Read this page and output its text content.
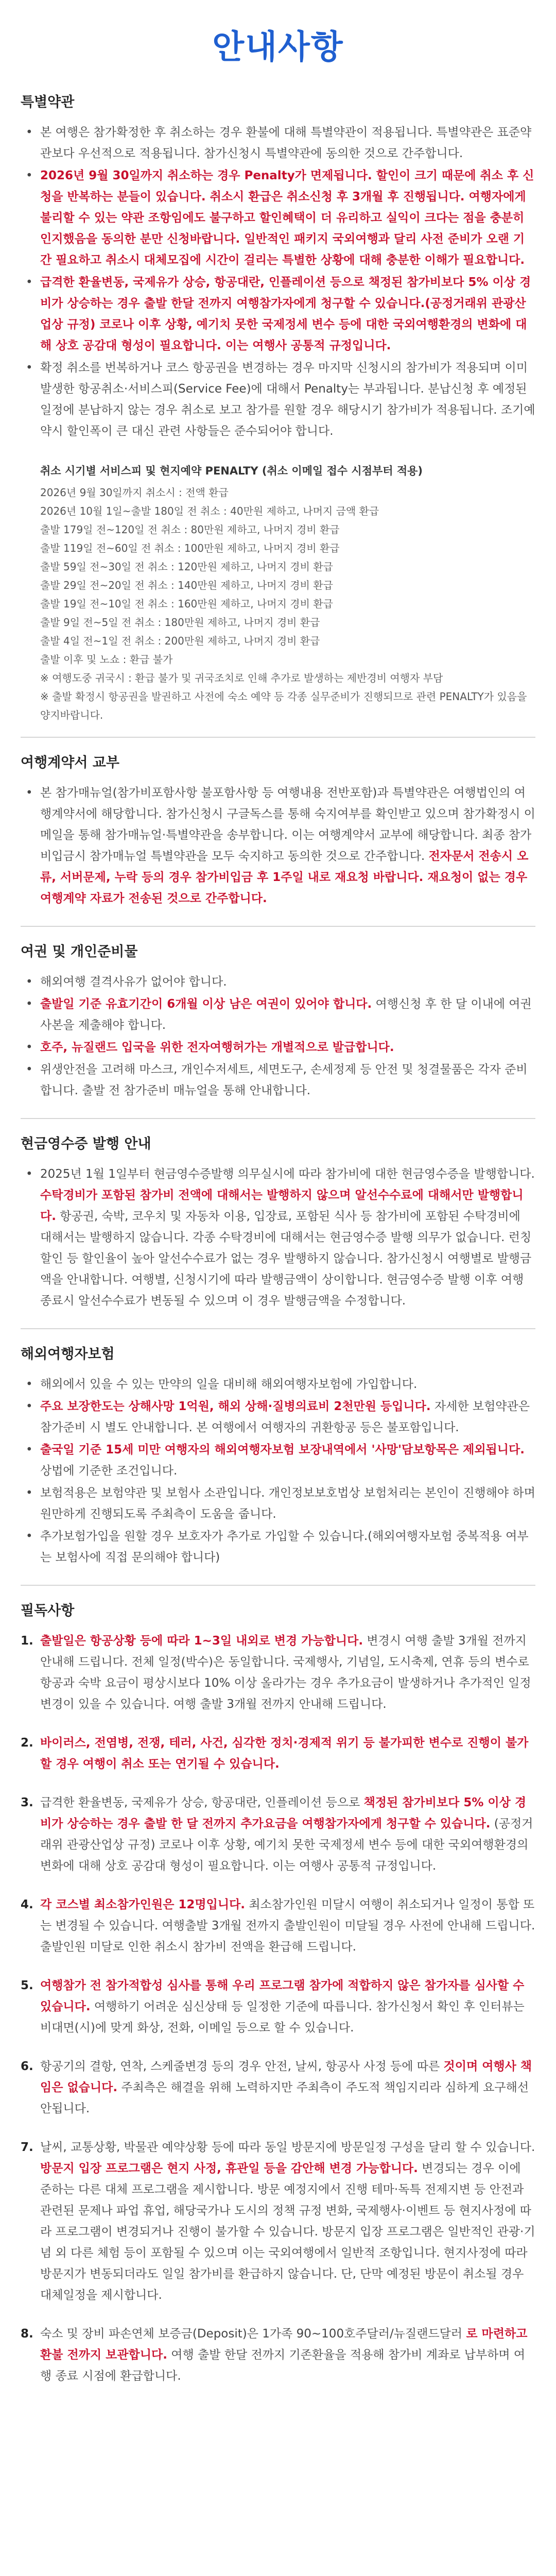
안내사항
특별약관
• 본 여행은 참가확정한 후 취소하는 경우 환불에 대해 특별약관이 적용됩니다. 특별약관은 표준약관보다 우선적으로 적용됩니다. 참가신청시 특별약관에 동의한 것으로 간주합니다.
• 2026년 9월 30일까지 취소하는 경우 Penalty가 면제됩니다. 할인이 크기 때문에 취소 후 신청을 반복하는 분들이 있습니다. 취소시 환급은 취소신청 후 3개월 후 진행됩니다. 여행자에게 불리할 수 있는 약관 조항임에도 불구하고 할인혜택이 더 유리하고 실익이 크다는 점을 충분히 인지했음을 동의한 분만 신청바랍니다. 일반적인 패키지 국외여행과 달리 사전 준비가 오랜 기간 필요하고 취소시 대체모집에 시간이 걸리는 특별한 상황에 대해 충분한 이해가 필요합니다.
• 급격한 환율변동, 국제유가 상승, 항공대란, 인플레이션 등으로 책정된 참가비보다 5% 이상 경비가 상승하는 경우 출발 한달 전까지 여행참가자에게 청구할 수 있습니다.(공정거래위 관광산업상 규정) 코로나 이후 상황, 예기치 못한 국제정세 변수 등에 대한 국외여행환경의 변화에 대해 상호 공감대 형성이 필요합니다. 이는 여행사 공통적 규정입니다.
• 확정 취소를 번복하거나 코스 항공권을 변경하는 경우 마지막 신청시의 참가비가 적용되며 이미 발생한 항공취소·서비스피(Service Fee)에 대해서 Penalty는 부과됩니다. 분납신청 후 예정된 일정에 분납하지 않는 경우 취소로 보고 참가를 원할 경우 해당시기 참가비가 적용됩니다. 조기예약시 할인폭이 큰 대신 관련 사항들은 준수되어야 합니다.
취소 시기별 서비스피 및 현지예약 PENALTY (취소 이메일 접수 시점부터 적용)

2026년 9월 30일까지 취소시 : 전액 환급

2026년 10월 1일~출발 180일 전 취소 : 40만원 제하고, 나머지 금액 환급

출발 179일 전~120일 전 취소 : 80만원 제하고, 나머지 경비 환급

출발 119일 전~60일 전 취소 : 100만원 제하고, 나머지 경비 환급

출발 59일 전~30일 전 취소 : 120만원 제하고, 나머지 경비 환급

출발 29일 전~20일 전 취소 : 140만원 제하고, 나머지 경비 환급

출발 19일 전~10일 전 취소 : 160만원 제하고, 나머지 경비 환급

출발 9일 전~5일 전 취소 : 180만원 제하고, 나머지 경비 환급

출발 4일 전~1일 전 취소 : 200만원 제하고, 나머지 경비 환급

출발 이후 및 노쇼 : 환급 불가

※ 여행도중 귀국시 : 환급 불가 및 귀국조치로 인해 추가로 발생하는 제반경비 여행자 부담

※ 출발 확정시 항공권을 발권하고 사전에 숙소 예약 등 각종 실무준비가 진행되므로 관련 PENALTY가 있음을 양지바랍니다.

여행계약서 교부
• 본 참가매뉴얼(참가비포함사항 불포함사항 등 여행내용 전반포함)과 특별약관은 여행법인의 여행계약서에 해당합니다. 참가신청시 구글독스를 통해 숙지여부를 확인받고 있으며 참가확정시 이메일을 통해 참가매뉴얼·특별약관을 송부합니다. 이는 여행계약서 교부에 해당합니다. 최종 참가비입금시 참가매뉴얼 특별약관을 모두 숙지하고 동의한 것으로 간주합니다. 전자문서 전송시 오류, 서버문제, 누락 등의 경우 참가비입금 후 1주일 내로 재요청 바랍니다. 재요청이 없는 경우 여행계약 자료가 전송된 것으로 간주합니다.
여권 및 개인준비물
• 해외여행 결격사유가 없어야 합니다.
• 출발일 기준 유효기간이 6개월 이상 남은 여권이 있어야 합니다. 여행신청 후 한 달 이내에 여권사본을 제출해야 합니다.
• 호주, 뉴질랜드 입국을 위한 전자여행허가는 개별적으로 발급합니다.
• 위생안전을 고려해 마스크, 개인수저세트, 세면도구, 손세정제 등 안전 및 청결물품은 각자 준비합니다. 출발 전 참가준비 매뉴얼을 통해 안내합니다.
현금영수증 발행 안내
• 2025년 1월 1일부터 현금영수증발행 의무실시에 따라 참가비에 대한 현금영수증을 발행합니다. 수탁경비가 포함된 참가비 전액에 대해서는 발행하지 않으며 알선수수료에 대해서만 발행합니다. 항공권, 숙박, 코우치 및 자동차 이용, 입장료, 포함된 식사 등 참가비에 포함된 수탁경비에 대해서는 발행하지 않습니다. 각종 수탁경비에 대해서는 현금영수증 발행 의무가 없습니다. 런칭할인 등 할인율이 높아 알선수수료가 없는 경우 발행하지 않습니다. 참가신청시 여행별로 발행금액을 안내합니다. 여행별, 신청시기에 따라 발행금액이 상이합니다. 현금영수증 발행 이후 여행 종료시 알선수수료가 변동될 수 있으며 이 경우 발행금액을 수정합니다.
해외여행자보험
• 해외에서 있을 수 있는 만약의 일을 대비해 해외여행자보험에 가입합니다.
• 주요 보장한도는 상해사망 1억원, 해외 상해·질병의료비 2천만원 등입니다. 자세한 보험약관은 참가준비 시 별도 안내합니다. 본 여행에서 여행자의 귀환항공 등은 불포함입니다.
• 출국일 기준 15세 미만 여행자의 해외여행자보험 보장내역에서 '사망'담보항목은 제외됩니다. 상법에 기준한 조건입니다.
• 보험적용은 보험약관 및 보험사 소관입니다. 개인정보보호법상 보험처리는 본인이 진행해야 하며 원만하게 진행되도록 주최측이 도움을 줍니다.
• 추가보험가입을 원할 경우 보호자가 추가로 가입할 수 있습니다.(해외여행자보험 중복적용 여부는 보험사에 직접 문의해야 합니다)
필독사항
1. 출발일은 항공상황 등에 따라 1~3일 내외로 변경 가능합니다. 변경시 여행 출발 3개월 전까지 안내해 드립니다. 전체 일정(박수)은 동일합니다. 국제행사, 기념일, 도시축제, 연휴 등의 변수로 항공과 숙박 요금이 평상시보다 10% 이상 올라가는 경우 추가요금이 발생하거나 추가적인 일정변경이 있을 수 있습니다. 여행 출발 3개월 전까지 안내해 드립니다.
2. 바이러스, 전염병, 전쟁, 테러, 사건, 심각한 정치·경제적 위기 등 불가피한 변수로 진행이 불가할 경우 여행이 취소 또는 연기될 수 있습니다.
3. 급격한 환율변동, 국제유가 상승, 항공대란, 인플레이션 등으로 책정된 참가비보다 5% 이상 경비가 상승하는 경우 출발 한 달 전까지 추가요금을 여행참가자에게 청구할 수 있습니다. (공정거래위 관광산업상 규정) 코로나 이후 상황, 예기치 못한 국제정세 변수 등에 대한 국외여행환경의 변화에 대해 상호 공감대 형성이 필요합니다. 이는 여행사 공통적 규정입니다.
4. 각 코스별 최소참가인원은 12명입니다. 최소참가인원 미달시 여행이 취소되거나 일정이 통합 또는 변경될 수 있습니다. 여행출발 3개월 전까지 출발인원이 미달될 경우 사전에 안내해 드립니다. 출발인원 미달로 인한 취소시 참가비 전액을 환급해 드립니다.
5. 여행참가 전 참가적합성 심사를 통해 우리 프로그램 참가에 적합하지 않은 참가자를 심사할 수 있습니다. 여행하기 어려운 심신상태 등 일정한 기준에 따릅니다. 참가신청서 확인 후 인터뷰는 비대면(시)에 맞게 화상, 전화, 이메일 등으로 할 수 있습니다.
6. 항공기의 결항, 연착, 스케줄변경 등의 경우 안전, 날씨, 항공사 사정 등에 따른 것이며 여행사 책임은 없습니다. 주최측은 해결을 위해 노력하지만 주최측이 주도적 책임지리라 심하게 요구해선 안됩니다.
7. 날씨, 교통상황, 박물관 예약상황 등에 따라 동일 방문지에 방문일정 구성을 달리 할 수 있습니다. 방문지 입장 프로그램은 현지 사정, 휴관일 등을 감안해 변경 가능합니다. 변경되는 경우 이에 준하는 다른 대체 프로그램을 제시합니다. 방문 예정지에서 진행 테마·독특 전제지변 등 안전과 관련된 문제나 파업 휴업, 해당국가나 도시의 정책 규정 변화, 국제행사·이벤트 등 현지사정에 따라 프로그램이 변경되거나 진행이 불가할 수 있습니다. 방문지 입장 프로그램은 일반적인 관광·기념 외 다른 체험 등이 포함될 수 있으며 이는 국외여행에서 일반적 조항입니다. 현지사정에 따라 방문지가 변동되더라도 일일 참가비를 환급하지 않습니다. 단, 단막 예정된 방문이 취소될 경우 대체일정을 제시합니다.
8. 숙소 및 장비 파손연체 보증금(Deposit)은 1가족 90~100호주달러/뉴질랜드달러 로 마련하고 환불 전까지 보관합니다. 여행 출발 한달 전까지 기존환율을 적용해 참가비 계좌로 납부하며 여행 종료 시점에 환급합니다.
